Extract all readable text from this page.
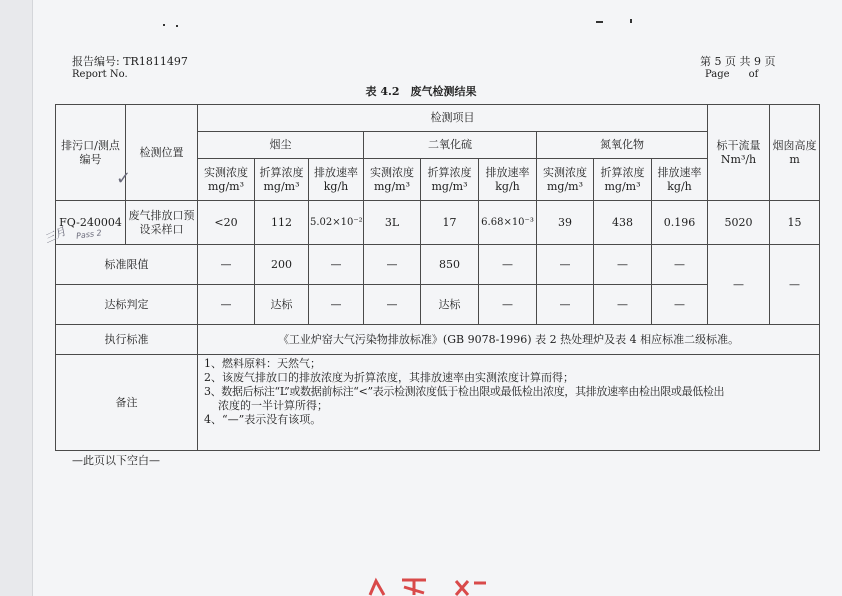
报告编号: TR1811497
Report No.
第 5 页 共 9 页
Page      of
表 4.2　废气检测结果
排污口/测点编号	检测位置	检测项目									标干流量 Nm³/h	烟囱高度 m
		烟尘			二氧化硫			氮氧化物				
		实测浓度 mg/m³	折算浓度 mg/m³	排放速率 kg/h	实测浓度 mg/m³	折算浓度 mg/m³	排放速率 kg/h	实测浓度 mg/m³	折算浓度 mg/m³	排放速率 kg/h		
FQ-240004	废气排放口预设采样口	<20	112	5.02×10⁻²	3L	17	6.68×10⁻³	39	438	0.196	5020	15
标准限值		—	200	—	—	850	—	—	—	—	—	—
达标判定		—	达标	—	—	达标	—	—	—	—		
执行标准		《工业炉窑大气污染物排放标准》(GB 9078-1996) 表 2 热处理炉及表 4 相应标准二级标准。										
备注		1、燃料原料：天然气；
2、该废气排放口的排放浓度为折算浓度，其排放速率由实测浓度计算而得；
3、数据后标注“L”或数据前标注“<”表示检测浓度低于检出限或最低检出浓度，其排放速率由检出限或最低检出
浓度的一半计算所得；
4、“—”表示没有该项。										
✓
三月 Pass 2
—此页以下空白—
